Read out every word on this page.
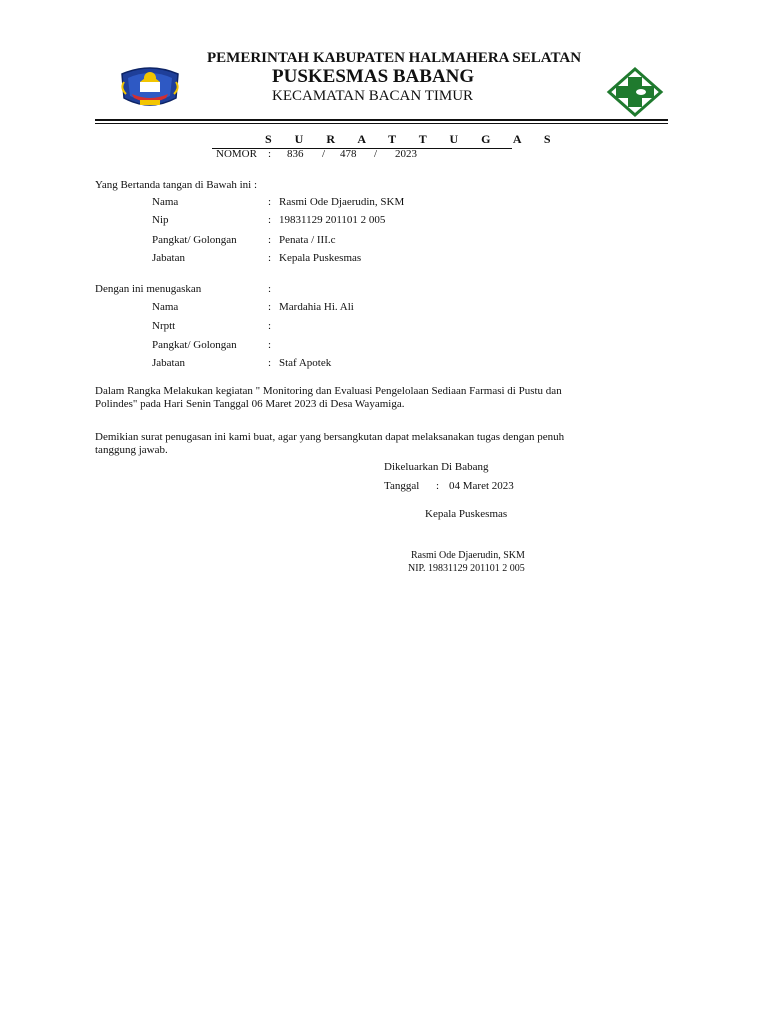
PEMERINTAH KABUPATEN HALMAHERA SELATAN
PUSKESMAS BABANG
KECAMATAN BACAN TIMUR
S U R A T T U G A S
NOMOR : 836 / 478 / 2023
Yang Bertanda tangan di Bawah ini :
Nama	: Rasmi Ode Djaerudin, SKM
Nip	: 19831129 201101 2 005
Pangkat/ Golongan	: Penata / III.c
Jabatan	: Kepala Puskesmas
Dengan ini menugaskan	:
Nama	: Mardahia Hi. Ali
Nrptt	:
Pangkat/ Golongan	:
Jabatan	: Staf Apotek
Dalam Rangka Melakukan kegiatan " Monitoring dan Evaluasi Pengelolaan Sediaan Farmasi di Pustu dan
Polindes" pada Hari Senin Tanggal 06 Maret 2023 di Desa Wayamiga.
Demikian surat penugasan ini kami buat, agar yang bersangkutan dapat melaksanakan tugas dengan penuh
tanggung jawab.
Dikeluarkan Di Babang
Tanggal : 04 Maret 2023
Kepala Puskesmas
Rasmi Ode Djaerudin, SKM
NIP. 19831129 201101 2 005
